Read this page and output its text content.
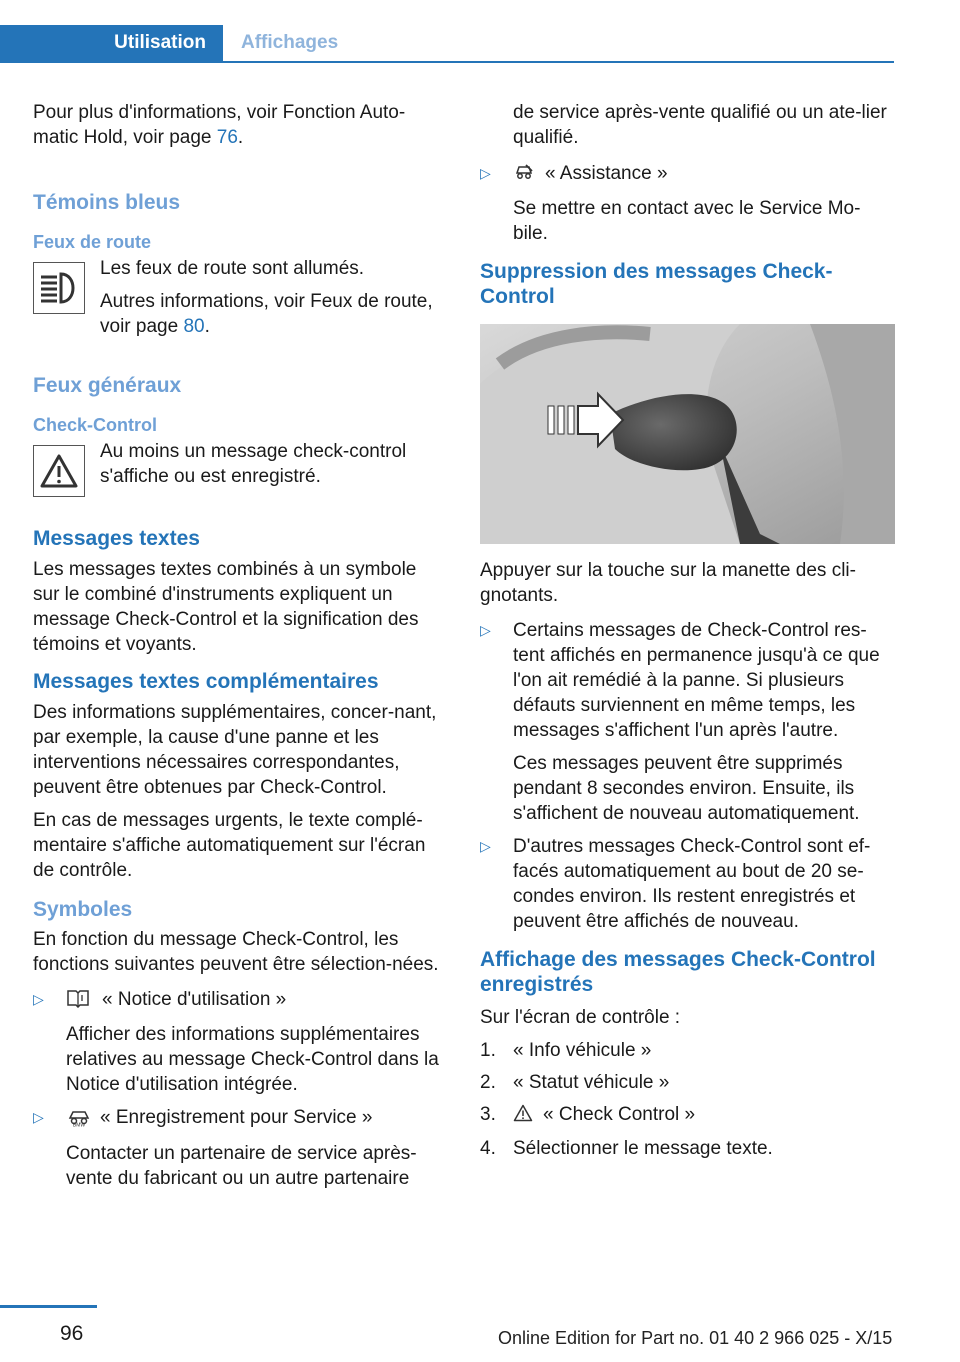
Utilisation	Affichages

Pour plus d'informations, voir Fonction Auto-matic Hold, voir page 76.

Témoins bleus
Feux de route

Les feux de route sont allumés.

Autres informations, voir Feux de route, voir page 80.

Feux généraux
Check-Control

Au moins un message check-control s'affiche ou est enregistré.

Messages textes

Les messages textes combinés à un symbole sur le combiné d'instruments expliquent un message Check-Control et la signification des témoins et voyants.

Messages textes complémentaires

Des informations supplémentaires, concer-nant, par exemple, la cause d'une panne et les interventions nécessaires correspondantes, peuvent être obtenues par Check-Control.

En cas de messages urgents, le texte complé-mentaire s'affiche automatiquement sur l'écran de contrôle.

Symboles

En fonction du message Check-Control, les fonctions suivantes peuvent être sélection-nées.

▷	« Notice d'utilisation »

Afficher des informations supplémentaires relatives au message Check-Control dans la Notice d'utilisation intégrée.

▷

BMW « Enregistrement pour Service »

Contacter un partenaire de service après-vente du fabricant ou un autre partenaire

de service après-vente qualifié ou un ate-lier qualifié.

▷	« Assistance »

Se mettre en contact avec le Service Mo-bile.

Suppression des messages Check-Control

Appuyer sur la touche sur la manette des cli-gnotants.

▷	Certains messages de Check-Control res-tent affichés en permanence jusqu'à ce que l'on ait remédié à la panne. Si plusieurs défauts surviennent en même temps, les messages s'affichent l'un après l'autre.

Ces messages peuvent être supprimés pendant 8 secondes environ. Ensuite, ils s'affichent de nouveau automatiquement.

▷	D'autres messages Check-Control sont ef-facés automatiquement au bout de 20 se-condes environ. Ils restent enregistrés et peuvent être affichés de nouveau.

Affichage des messages Check-Control enregistrés

Sur l'écran de contrôle :

1. « Info véhicule »

2. « Statut véhicule »

3.	« Check Control »

4. Sélectionner le message texte.

96	Online Edition for Part no. 01 40 2 966 025 - X/15
